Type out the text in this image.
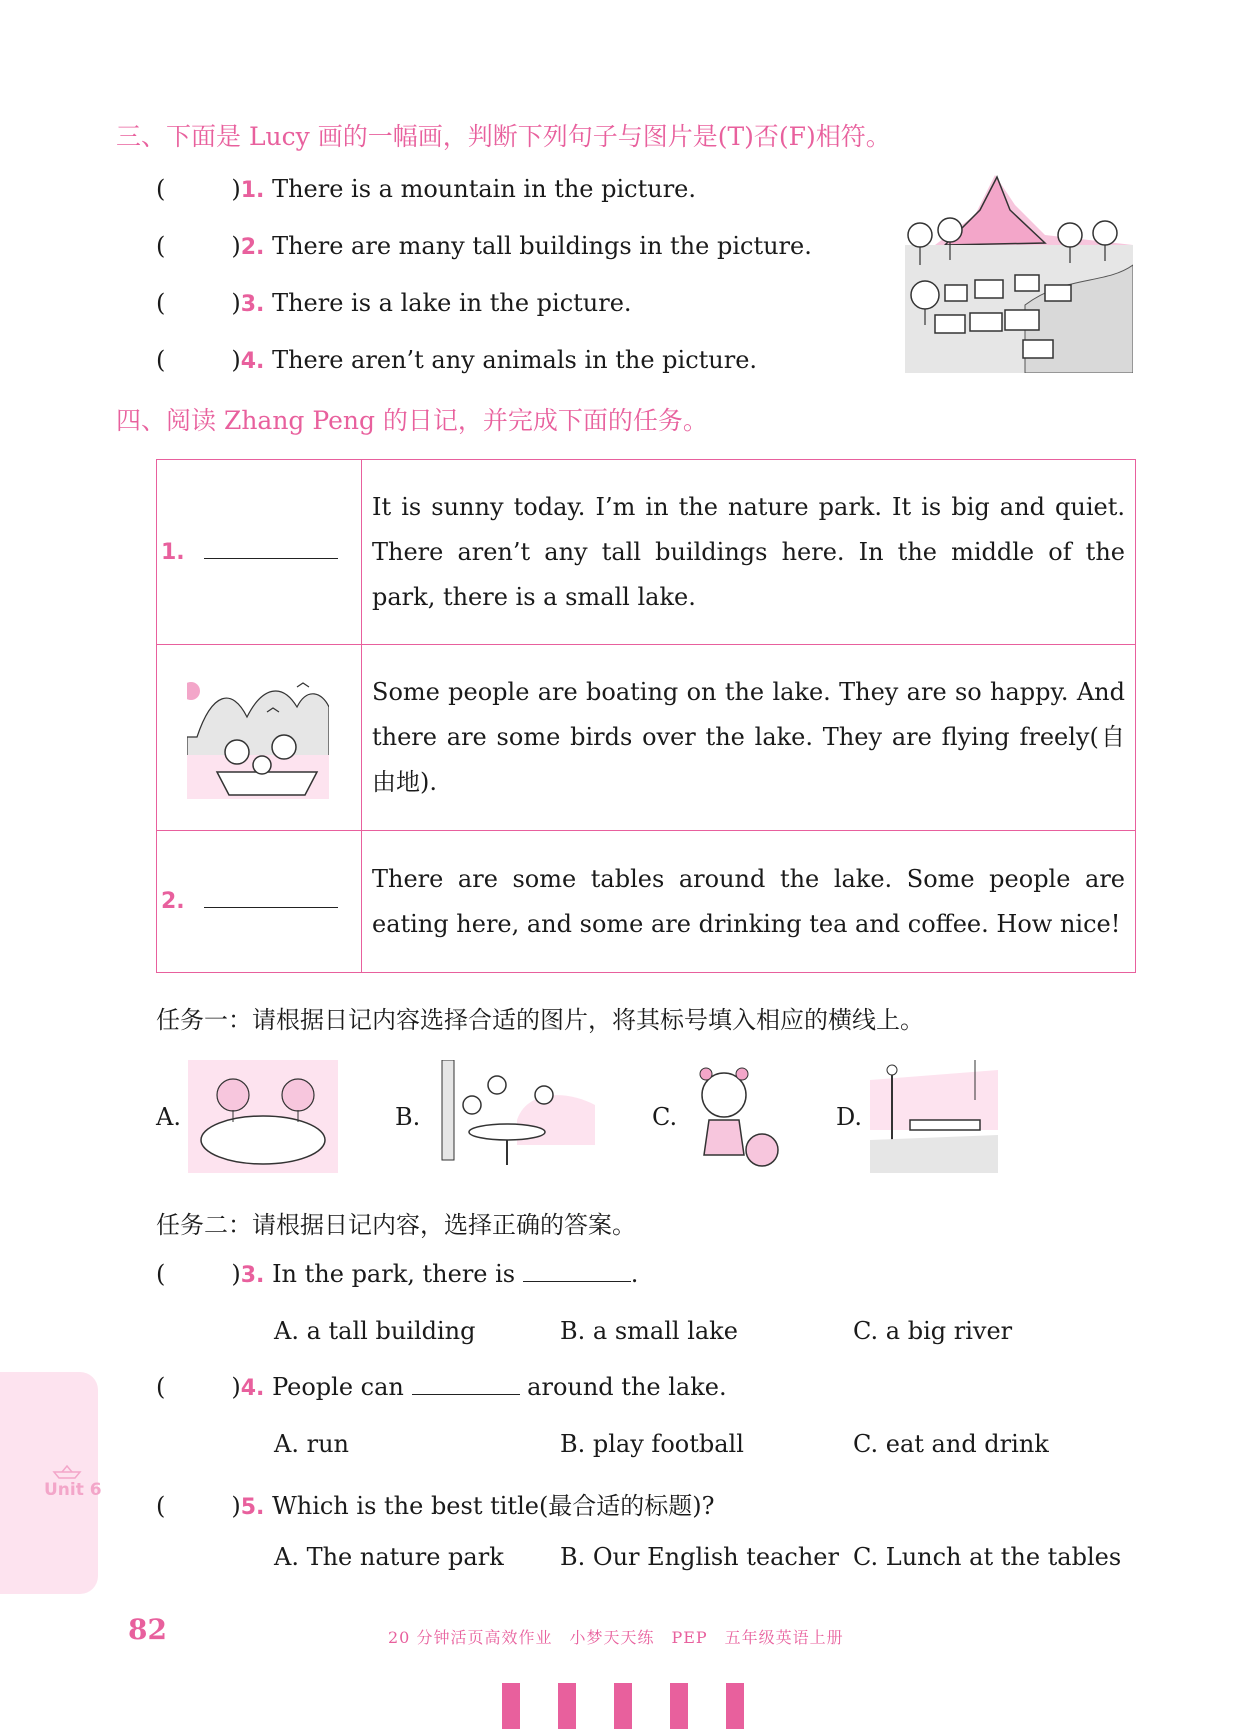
三、下面是 Lucy 画的一幅画，判断下列句子与图片是(T)否(F)相符。
(	)1. There is a mountain in the picture.
(	)2. There are many tall buildings in the picture.
(	)3. There is a lake in the picture.
(	)4. There aren’t any animals in the picture.
四、阅读 Zhang Peng 的日记，并完成下面的任务。
1.	It is sunny today. I’m in the nature park. It is big and quiet. There aren’t any tall buildings here. In the middle of the park, there is a small lake.

Some people are boating on the lake. They are so happy. And there are some birds over the lake. They are flying freely(自由地).

2.	There are some tables around the lake. Some people are eating here, and some are drinking tea and coffee. How nice!
任务一：请根据日记内容选择合适的图片，将其标号填入相应的横线上。
A.	B.	C.	D.
任务二：请根据日记内容，选择正确的答案。
(	)3. In the park, there is	.
A. a tall building	B. a small lake	C. a big river
(	)4. People can	around the lake.
A. run	B. play football	C. eat and drink
(	)5. Which is the best title(最合适的标题)?
A. The nature park B. Our English teacher C. Lunch at the tables
Unit 6
82	20 分钟活页高效作业　小梦天天练　PEP　五年级英语上册
